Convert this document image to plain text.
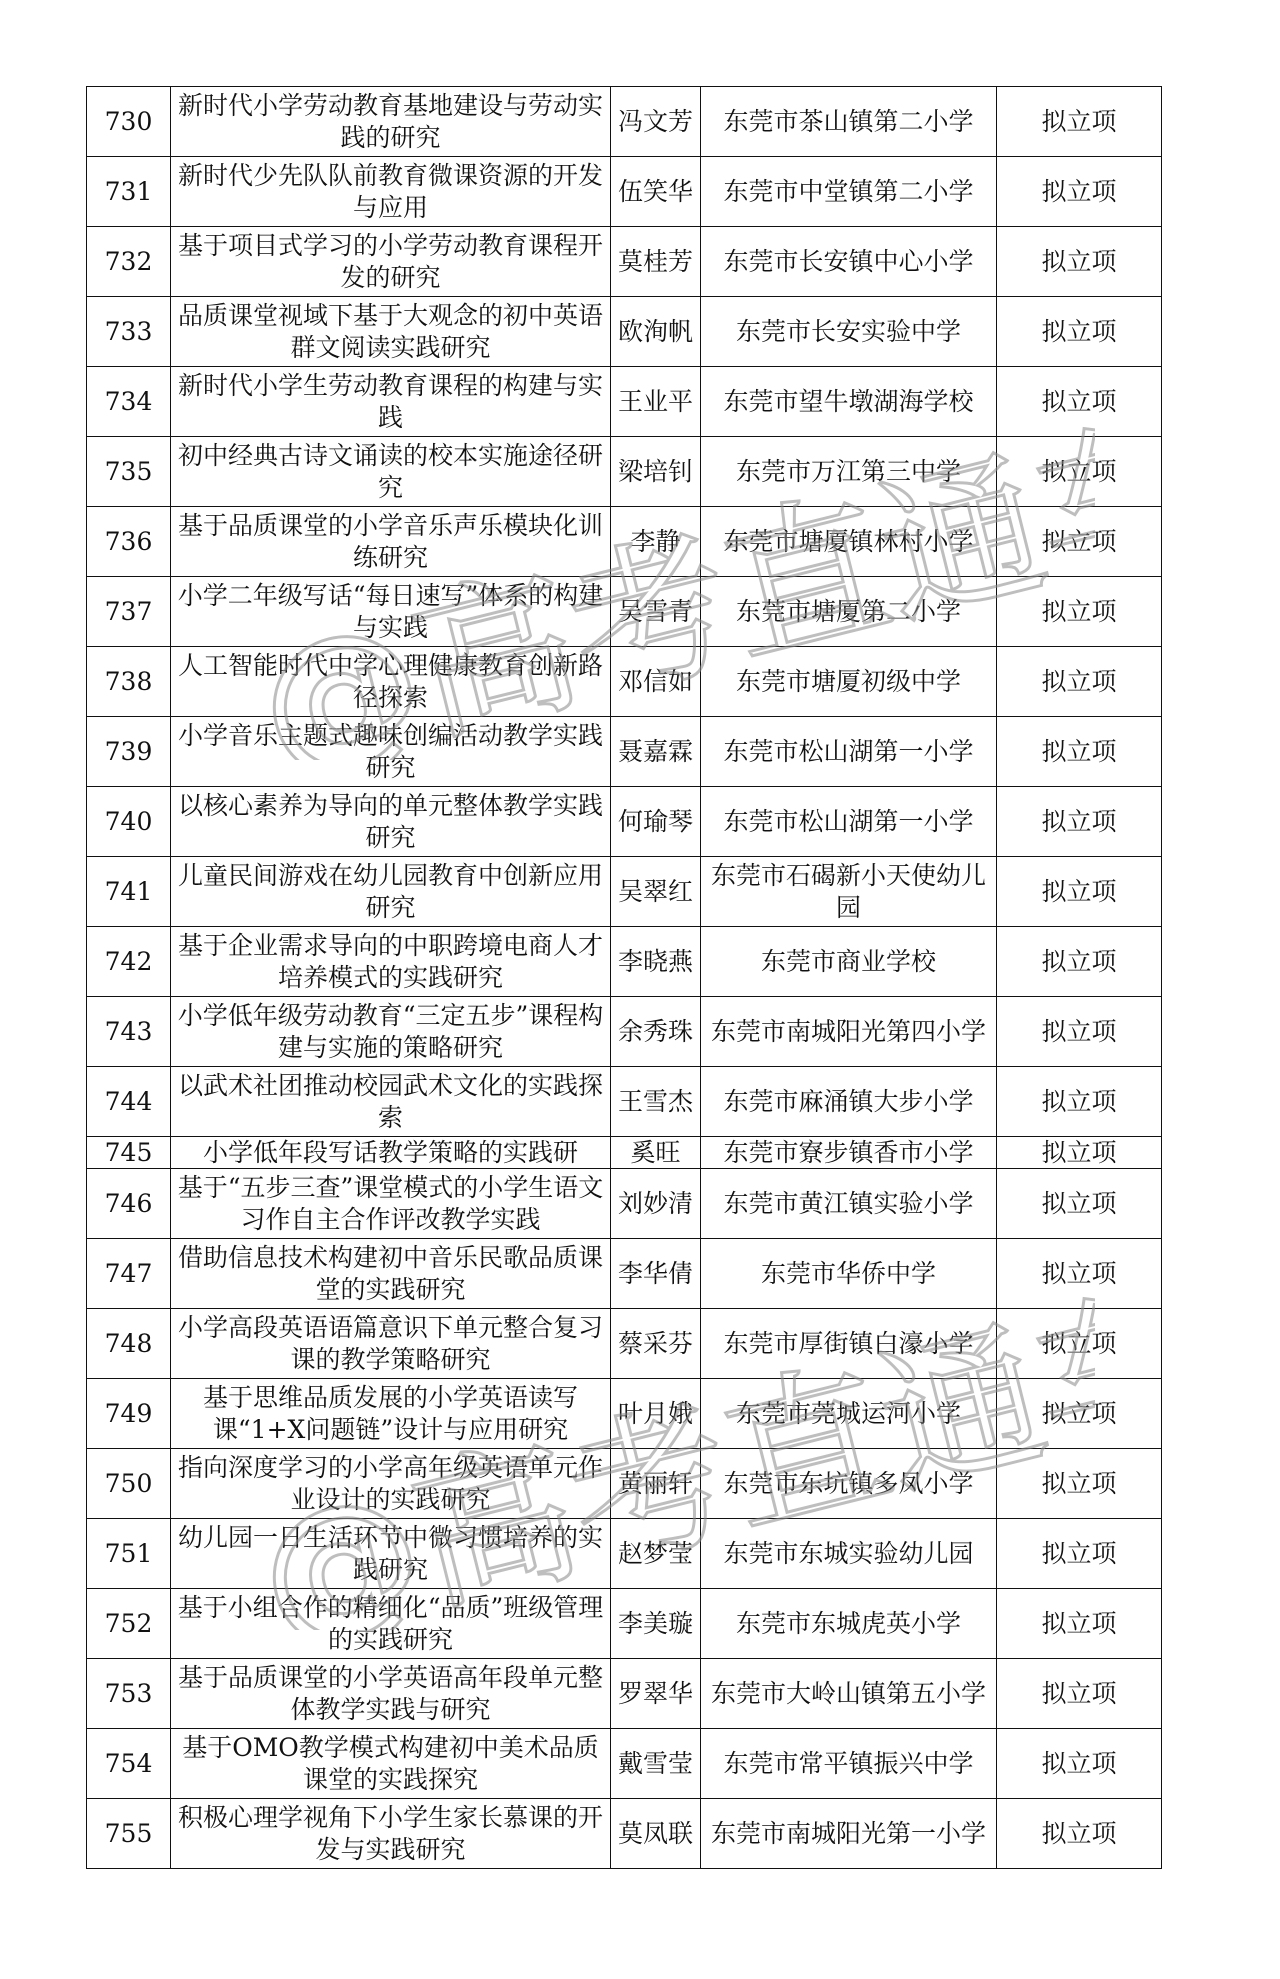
730	新时代小学劳动教育基地建设与劳动实践的研究	冯文芳	东莞市茶山镇第二小学	拟立项
731	新时代少先队队前教育微课资源的开发与应用	伍笑华	东莞市中堂镇第二小学	拟立项
732	基于项目式学习的小学劳动教育课程开发的研究	莫桂芳	东莞市长安镇中心小学	拟立项
733	品质课堂视域下基于大观念的初中英语群文阅读实践研究	欧洵帆	东莞市长安实验中学	拟立项
734	新时代小学生劳动教育课程的构建与实践	王业平	东莞市望牛墩湖海学校	拟立项
735	初中经典古诗文诵读的校本实施途径研究	梁培钊	东莞市万江第三中学	拟立项
736	基于品质课堂的小学音乐声乐模块化训练研究	李静	东莞市塘厦镇林村小学	拟立项
737	小学二年级写话“每日速写”体系的构建与实践	吴雪青	东莞市塘厦第二小学	拟立项
738	人工智能时代中学心理健康教育创新路径探索	邓信如	东莞市塘厦初级中学	拟立项
739	小学音乐主题式趣味创编活动教学实践研究	聂嘉霖	东莞市松山湖第一小学	拟立项
740	以核心素养为导向的单元整体教学实践研究	何瑜琴	东莞市松山湖第一小学	拟立项
741	儿童民间游戏在幼儿园教育中创新应用研究	吴翠红	东莞市石碣新小天使幼儿园	拟立项
742	基于企业需求导向的中职跨境电商人才培养模式的实践研究	李晓燕	东莞市商业学校	拟立项
743	小学低年级劳动教育“三定五步”课程构建与实施的策略研究	余秀珠	东莞市南城阳光第四小学	拟立项
744	以武术社团推动校园武术文化的实践探索	王雪杰	东莞市麻涌镇大步小学	拟立项
745	小学低年段写话教学策略的实践研	奚旺	东莞市寮步镇香市小学	拟立项
746	基于“五步三查”课堂模式的小学生语文习作自主合作评改教学实践	刘妙清	东莞市黄江镇实验小学	拟立项
747	借助信息技术构建初中音乐民歌品质课堂的实践研究	李华倩	东莞市华侨中学	拟立项
748	小学高段英语语篇意识下单元整合复习课的教学策略研究	蔡采芬	东莞市厚街镇白濠小学	拟立项
749	基于思维品质发展的小学英语读写课“1+X问题链”设计与应用研究	叶月娥	东莞市莞城运河小学	拟立项
750	指向深度学习的小学高年级英语单元作业设计的实践研究	黄丽轩	东莞市东坑镇多凤小学	拟立项
751	幼儿园一日生活环节中微习惯培养的实践研究	赵梦莹	东莞市东城实验幼儿园	拟立项
752	基于小组合作的精细化“品质”班级管理的实践研究	李美璇	东莞市东城虎英小学	拟立项
753	基于品质课堂的小学英语高年段单元整体教学实践与研究	罗翠华	东莞市大岭山镇第五小学	拟立项
754	基于OMO教学模式构建初中美术品质课堂的实践探究	戴雪莹	东莞市常平镇振兴中学	拟立项
755	积极心理学视角下小学生家长慕课的开发与实践研究	莫凤联	东莞市南城阳光第一小学	拟立项
@高考直通车
@高考直通车
